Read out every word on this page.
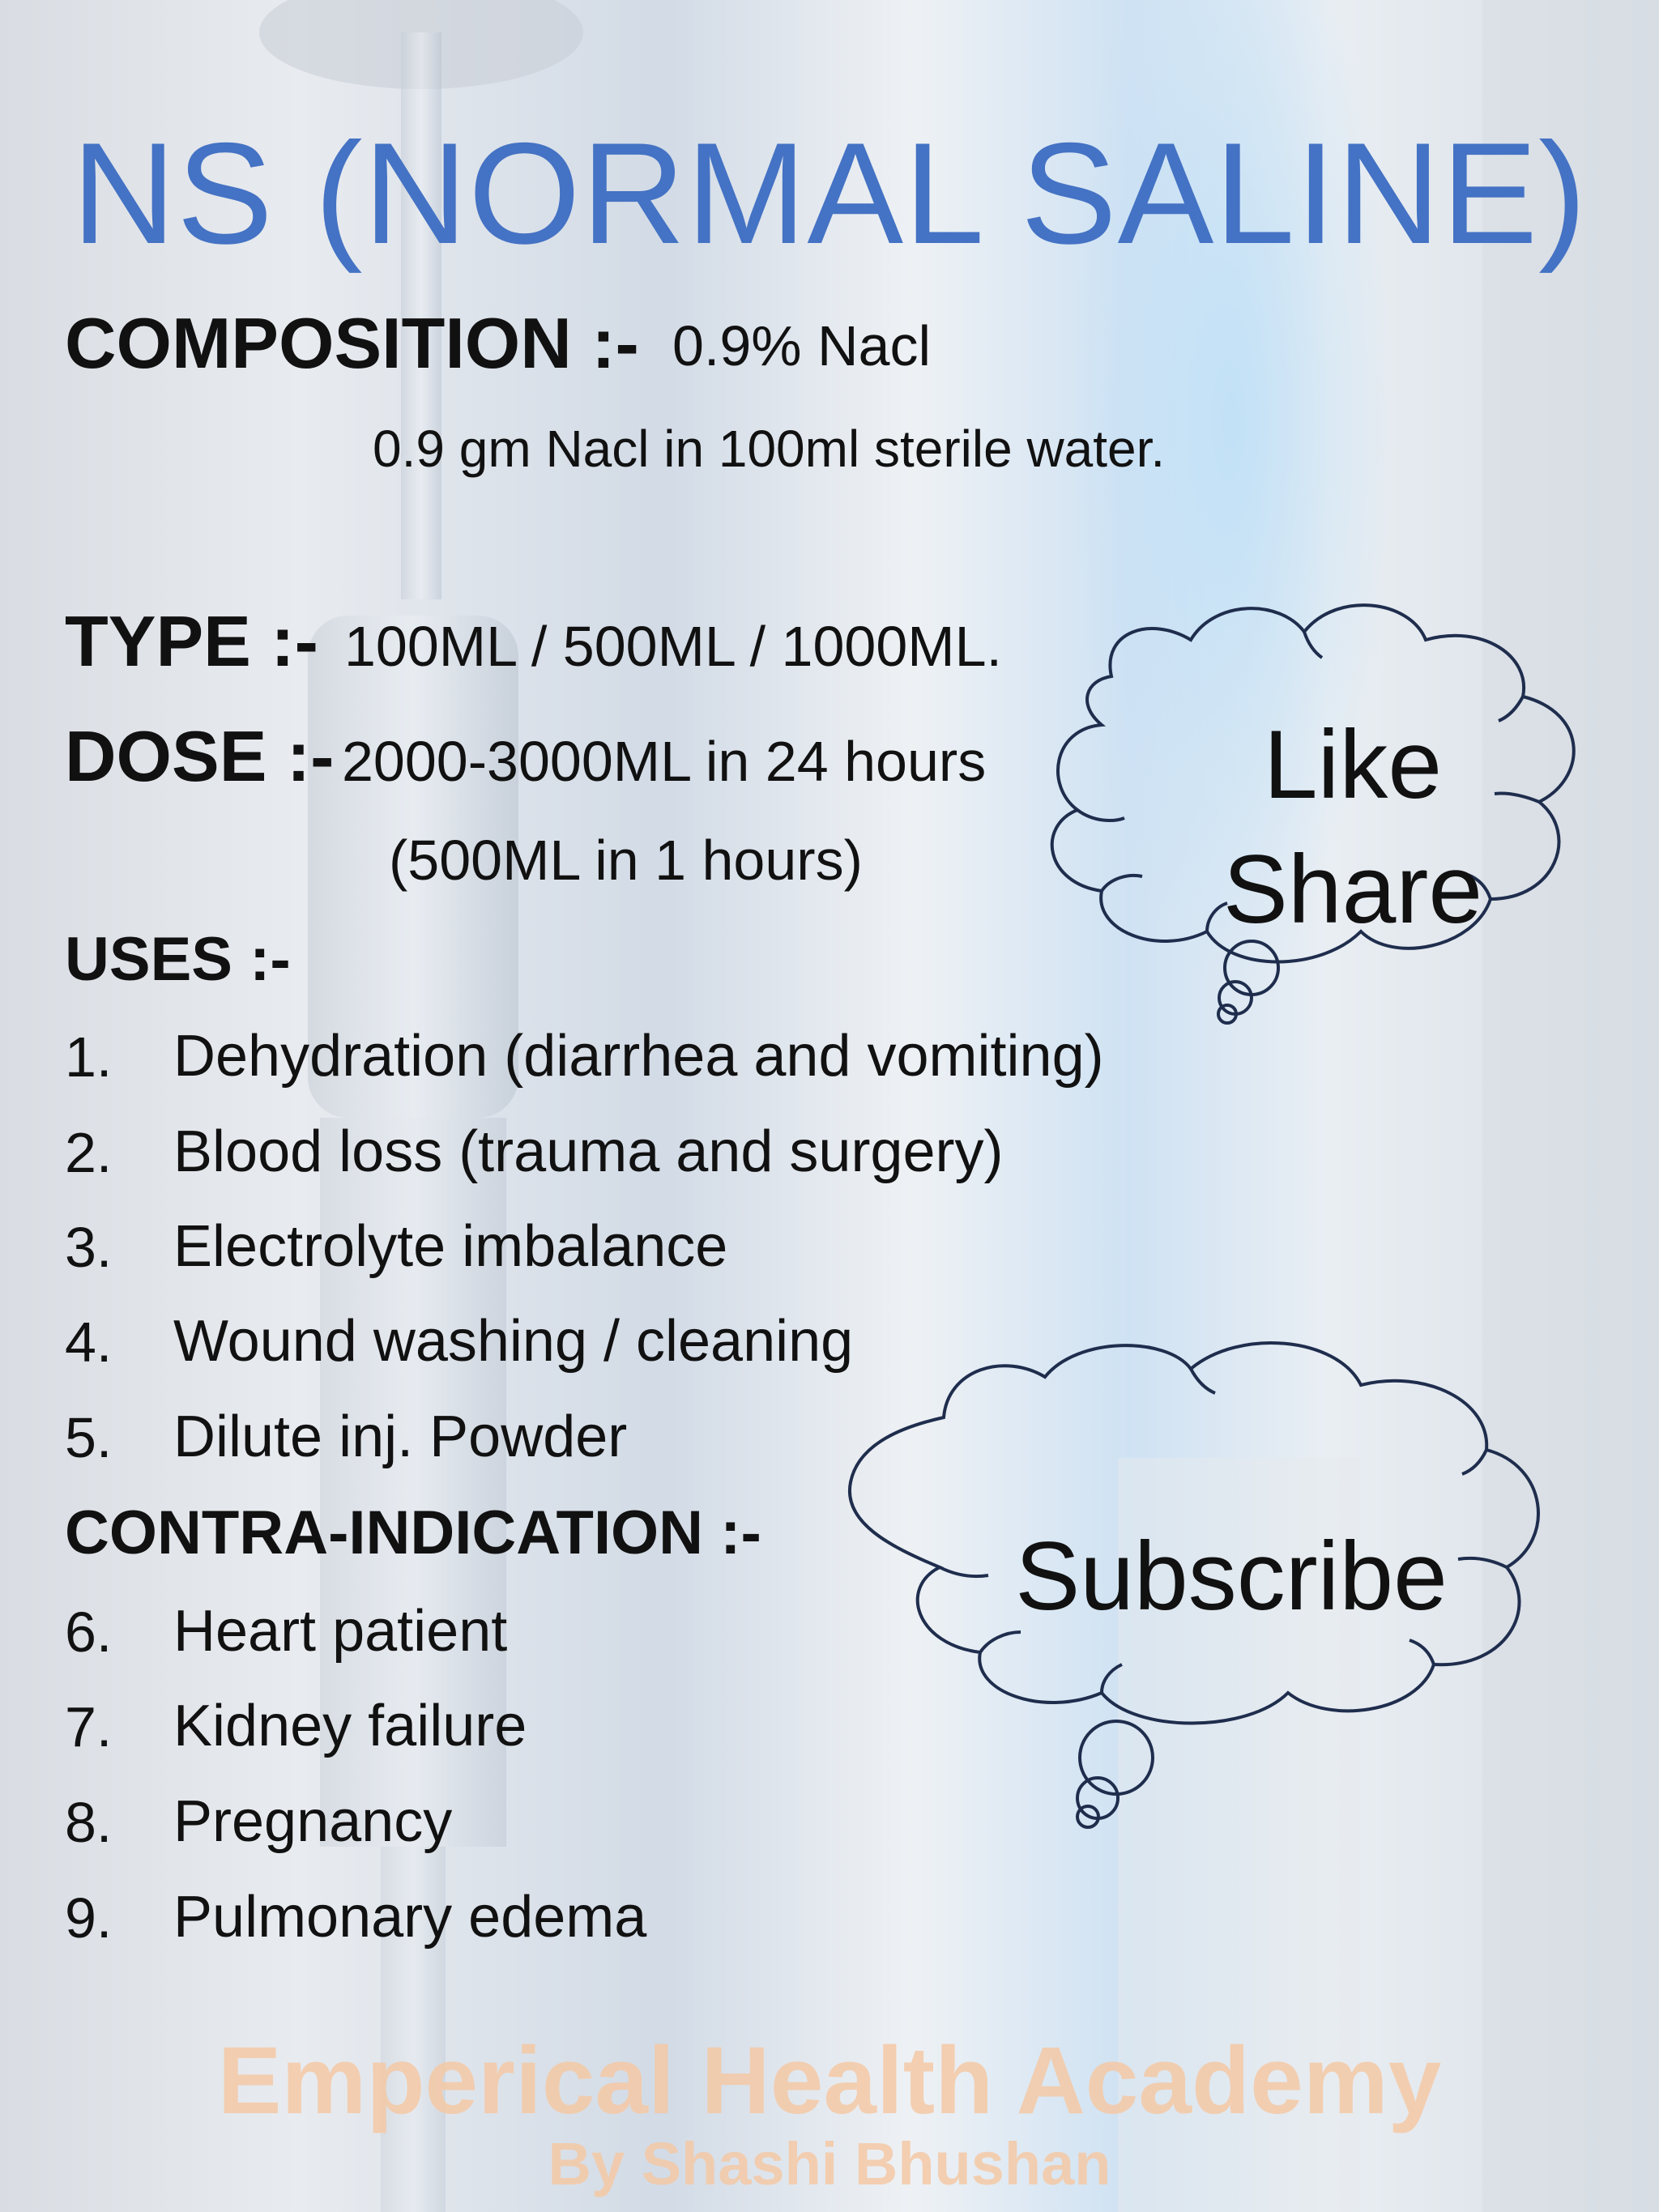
NS (NORMAL SALINE)
COMPOSITION :- 0.9% Nacl
0.9 gm Nacl in 100ml sterile water.
TYPE :- 100ML / 500ML / 1000ML.
DOSE :- 2000-3000ML in 24 hours
(500ML in 1 hours)
USES :-
1. Dehydration (diarrhea and vomiting)
2. Blood loss (trauma and surgery)
3. Electrolyte imbalance
4. Wound washing / cleaning
5. Dilute inj. Powder
CONTRA-INDICATION :-
6. Heart patient
7. Kidney failure
8. Pregnancy
9. Pulmonary edema
Like
Share
Subscribe
Emperical Health Academy
By Shashi Bhushan
